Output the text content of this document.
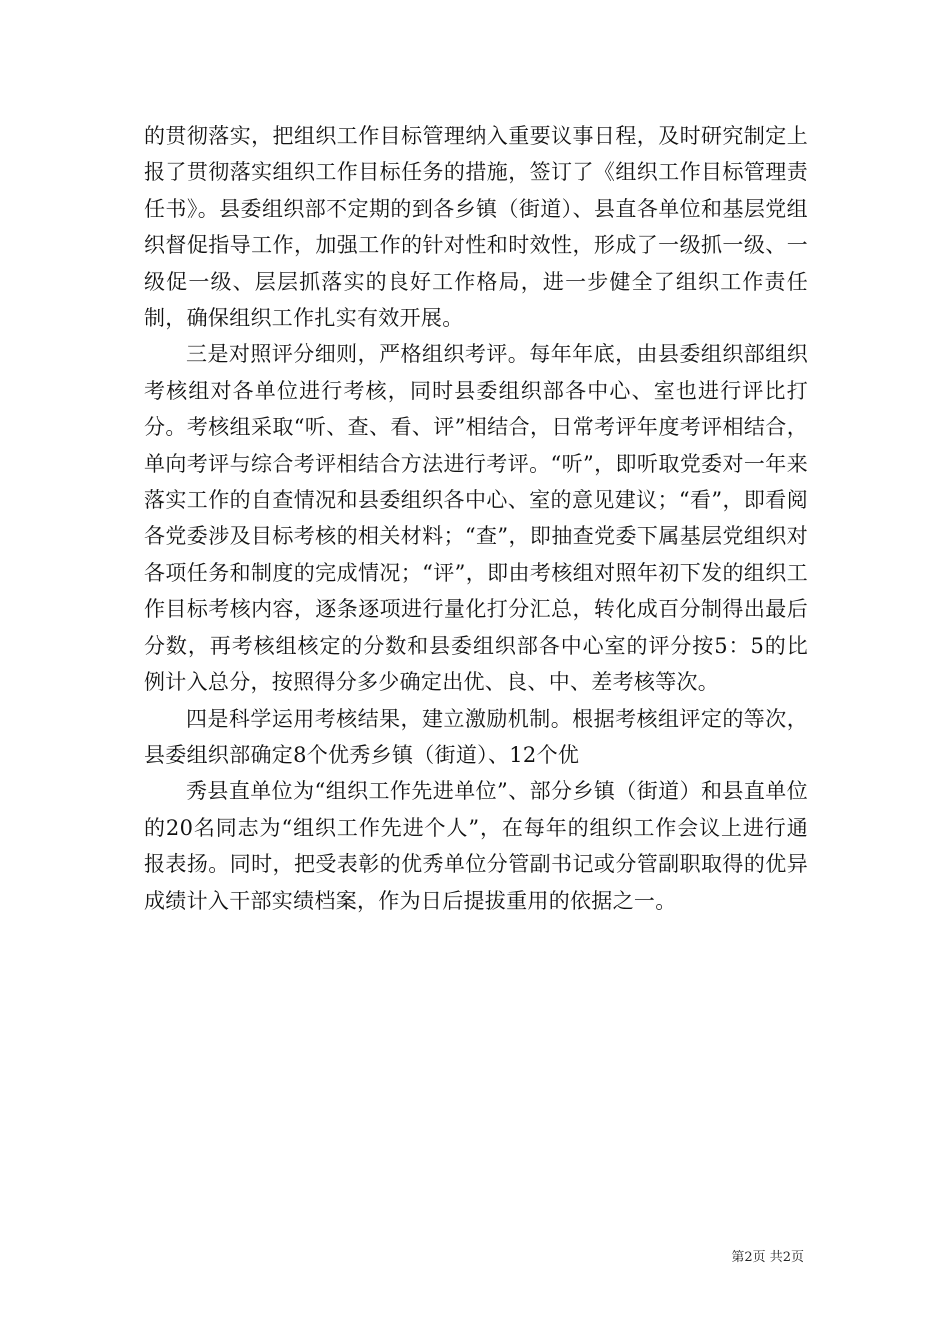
的贯彻落实，把组织工作目标管理纳入重要议事日程，及时研究制定上报了贯彻落实组织工作目标任务的措施，签订了《组织工作目标管理责任书》。县委组织部不定期的到各乡镇（街道）、县直各单位和基层党组织督促指导工作，加强工作的针对性和时效性，形成了一级抓一级、一级促一级、层层抓落实的良好工作格局，进一步健全了组织工作责任制，确保组织工作扎实有效开展。

三是对照评分细则，严格组织考评。每年年底，由县委组织部组织考核组对各单位进行考核，同时县委组织部各中心、室也进行评比打分。考核组采取“听、查、看、评”相结合，日常考评年度考评相结合，单向考评与综合考评相结合方法进行考评。“听”，即听取党委对一年来落实工作的自查情况和县委组织各中心、室的意见建议；“看”，即看阅各党委涉及目标考核的相关材料；“查”，即抽查党委下属基层党组织对各项任务和制度的完成情况；“评”，即由考核组对照年初下发的组织工作目标考核内容，逐条逐项进行量化打分汇总，转化成百分制得出最后分数，再考核组核定的分数和县委组织部各中心室的评分按5：5的比例计入总分，按照得分多少确定出优、良、中、差考核等次。

四是科学运用考核结果，建立激励机制。根据考核组评定的等次，县委组织部确定8个优秀乡镇（街道）、12个优

秀县直单位为“组织工作先进单位”、部分乡镇（街道）和县直单位的20名同志为“组织工作先进个人”，在每年的组织工作会议上进行通报表扬。同时，把受表彰的优秀单位分管副书记或分管副职取得的优异成绩计入干部实绩档案，作为日后提拔重用的依据之一。

第2页 共2页
